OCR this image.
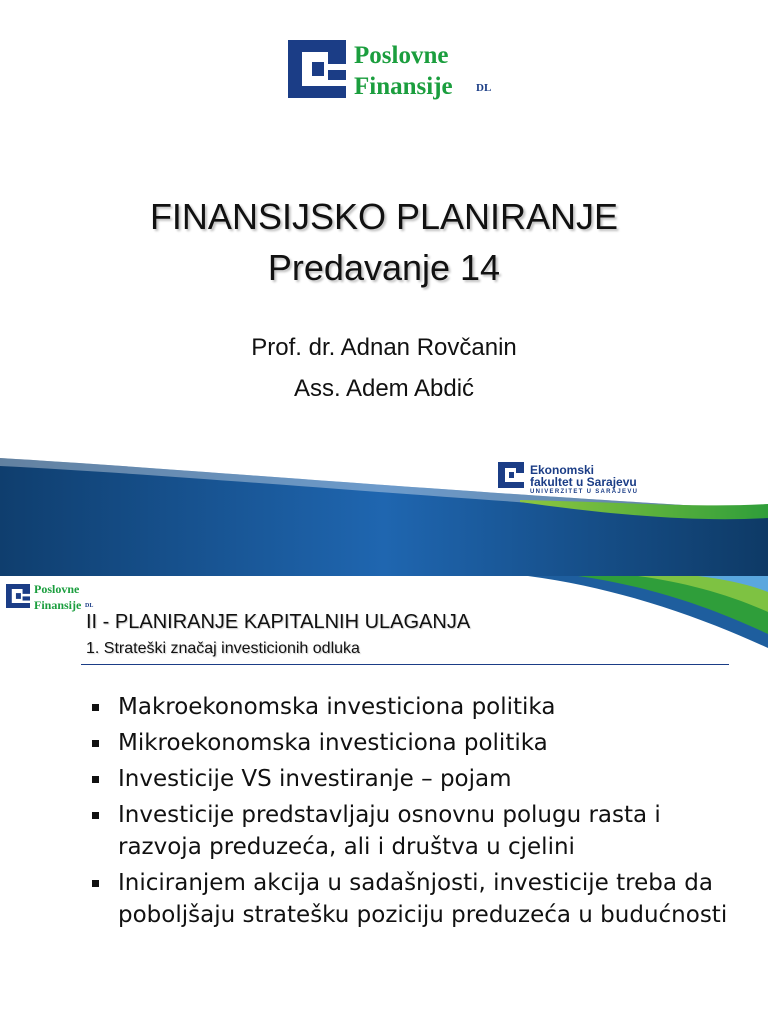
Poslovne
Finansije DL
FINANSIJSKO PLANIRANJE
Predavanje 14
Prof. dr. Adnan Rovčanin
Ass. Adem Abdić
Ekonomski
fakultet u Sarajevu
UNIVERZITET U SARAJEVU
Poslovne
Finansije DL
II - PLANIRANJE KAPITALNIH ULAGANJA
1. Strateški značaj investicionih odluka
Makroekonomska investiciona politika
Mikroekonomska investiciona politika
Investicije VS investiranje – pojam
Investicije predstavljaju osnovnu polugu rasta i razvoja preduzeća, ali i društva u cjelini
Iniciranjem akcija u sadašnjosti, investicije treba da poboljšaju stratešku poziciju preduzeća u budućnosti
